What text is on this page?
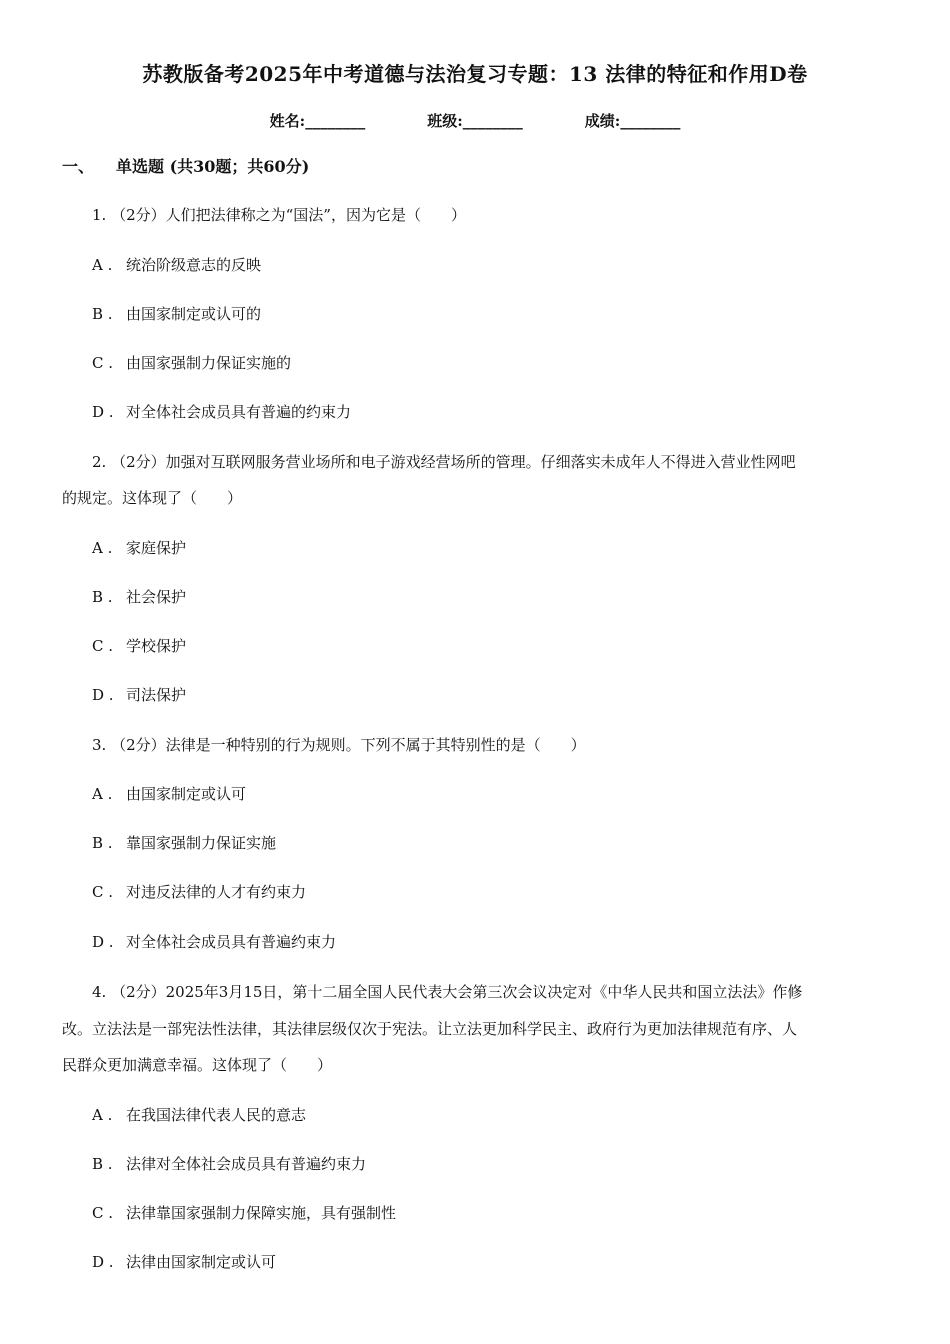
苏教版备考2025年中考道德与法治复习专题：13 法律的特征和作用D卷
姓名:________	班级:________	成绩:________
一、 单选题 (共30题；共60分)
1. （2分）人们把法律称之为“国法”，因为它是（　　）
A . 统治阶级意志的反映
B . 由国家制定或认可的
C . 由国家强制力保证实施的
D . 对全体社会成员具有普遍的约束力
2. （2分）加强对互联网服务营业场所和电子游戏经营场所的管理。仔细落实未成年人不得进入营业性网吧
的规定。这体现了（　　）
A . 家庭保护
B . 社会保护
C . 学校保护
D . 司法保护
3. （2分）法律是一种特别的行为规则。下列不属于其特别性的是（　　）
A . 由国家制定或认可
B . 靠国家强制力保证实施
C . 对违反法律的人才有约束力
D . 对全体社会成员具有普遍约束力
4. （2分）2025年3月15日，第十二届全国人民代表大会第三次会议决定对《中华人民共和国立法法》作修
改。立法法是一部宪法性法律，其法律层级仅次于宪法。让立法更加科学民主、政府行为更加法律规范有序、人
民群众更加满意幸福。这体现了（　　）
A . 在我国法律代表人民的意志
B . 法律对全体社会成员具有普遍约束力
C . 法律靠国家强制力保障实施，具有强制性
D . 法律由国家制定或认可
